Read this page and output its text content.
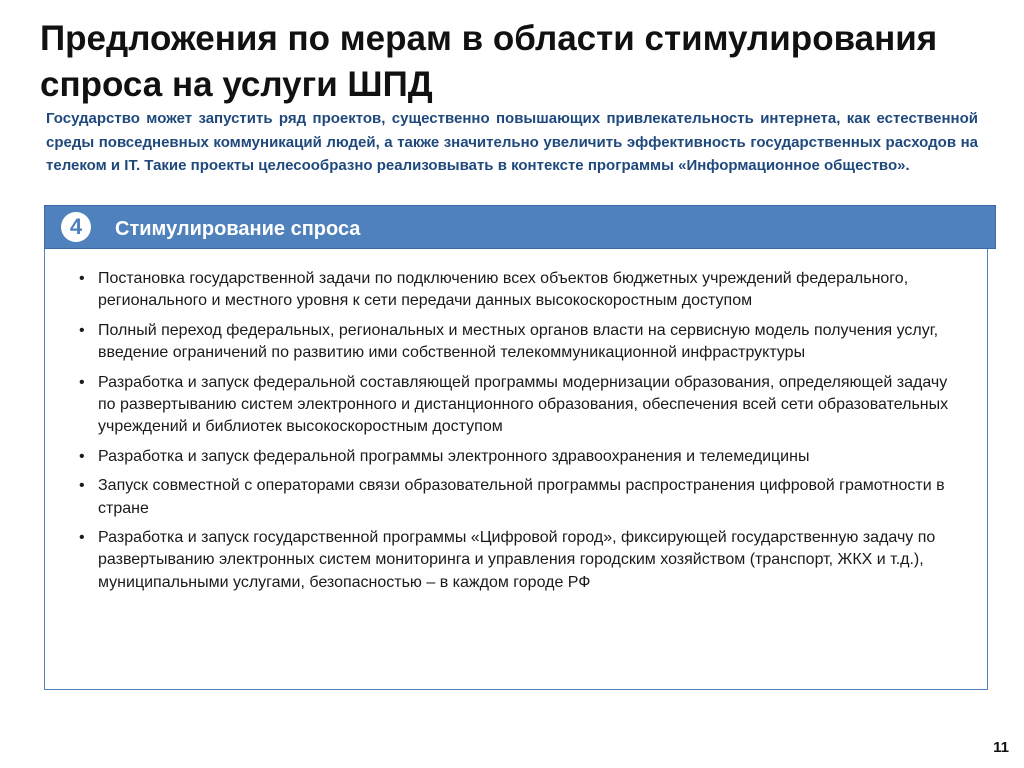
Предложения по мерам в области стимулирования спроса на услуги ШПД

Государство может запустить ряд проектов, существенно повышающих привлекательность интернета, как естественной среды повседневных коммуникаций людей, а также значительно увеличить эффективность государственных расходов на телеком и IT. Такие проекты целесообразно реализовывать в контексте программы «Информационное общество».

4	Стимулирование спроса
• Постановка государственной задачи по подключению всех объектов бюджетных учреждений федерального, регионального и местного уровня к сети передачи данных высокоскоростным доступом
• Полный переход федеральных, региональных и местных органов власти на сервисную модель получения услуг, введение ограничений по развитию ими собственной телекоммуникационной инфраструктуры
• Разработка и запуск федеральной составляющей программы модернизации образования, определяющей задачу по развертыванию систем электронного и дистанционного образования, обеспечения всей сети образовательных учреждений и библиотек высокоскоростным доступом
• Разработка и запуск федеральной программы электронного здравоохранения и телемедицины
• Запуск совместной с операторами связи образовательной программы распространения цифровой грамотности в стране
• Разработка и запуск государственной программы «Цифровой город», фиксирующей государственную задачу по развертыванию электронных систем мониторинга и управления городским хозяйством (транспорт, ЖКХ и т.д.), муниципальными услугами, безопасностью – в каждом городе РФ
11
